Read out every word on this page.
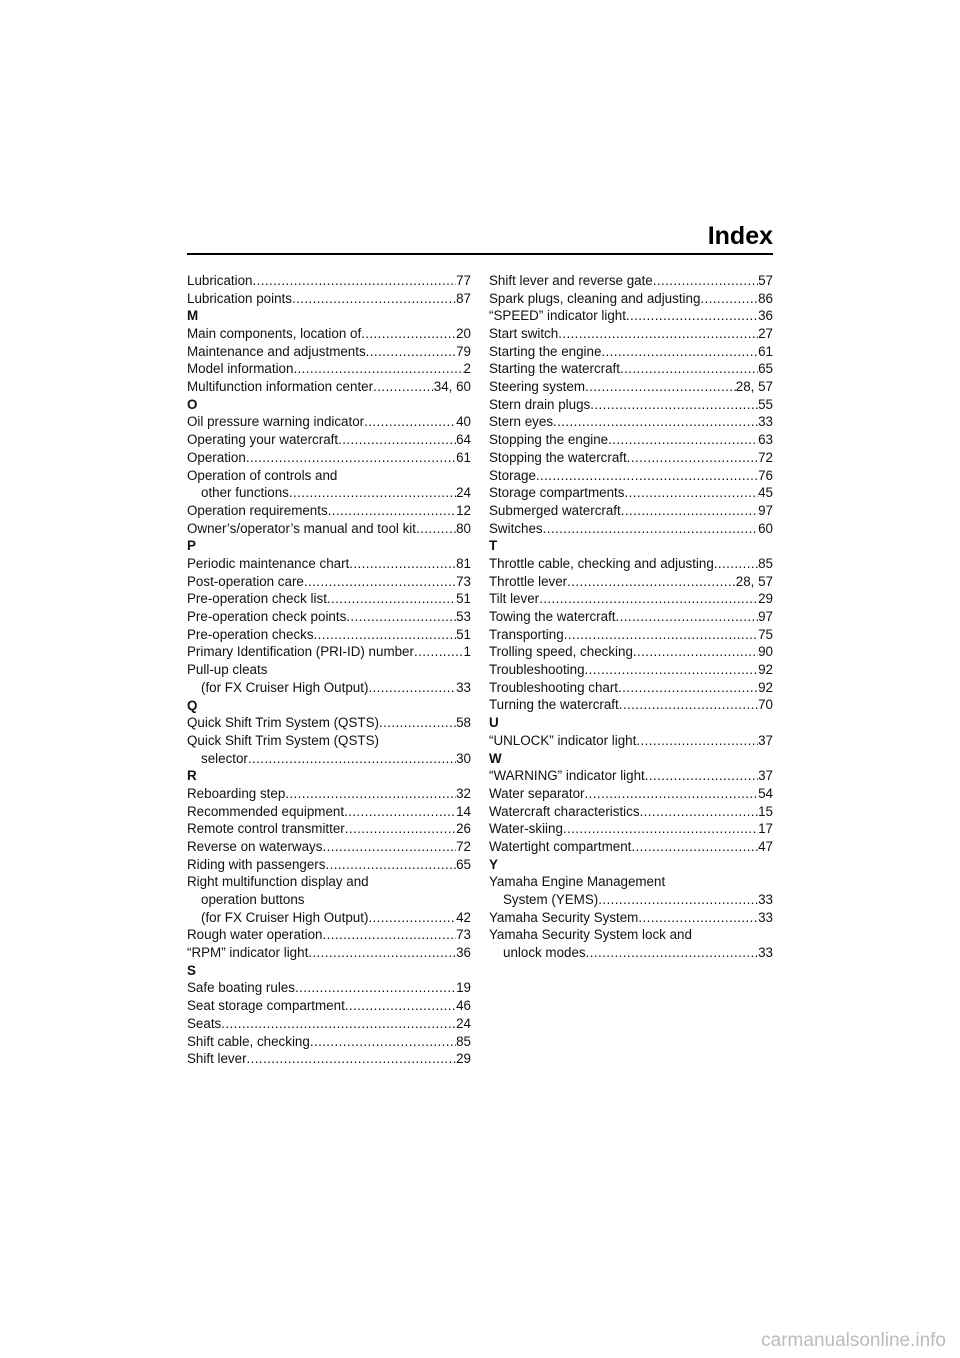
Index
Lubrication .....	77
Lubrication points .....	87
M
Main components, location of .....	20
Maintenance and adjustments .....	79
Model information .....	2
Multifunction information center .....	34, 60
O
Oil pressure warning indicator .....	40
Operating your watercraft .....	64
Operation .....	61
Operation of controls and
other functions .....	24
Operation requirements .....	12
Owner’s/operator’s manual and tool kit .....	80
P
Periodic maintenance chart .....	81
Post-operation care .....	73
Pre-operation check list .....	51
Pre-operation check points .....	53
Pre-operation checks .....	51
Primary Identification (PRI-ID) number .....	1
Pull-up cleats
(for FX Cruiser High Output) .....	33
Q
Quick Shift Trim System (QSTS) .....	58
Quick Shift Trim System (QSTS)
selector .....	30
R
Reboarding step .....	32
Recommended equipment .....	14
Remote control transmitter .....	26
Reverse on waterways .....	72
Riding with passengers .....	65
Right multifunction display and
operation buttons
(for FX Cruiser High Output) .....	42
Rough water operation .....	73
“RPM” indicator light .....	36
S
Safe boating rules .....	19
Seat storage compartment .....	46
Seats .....	24
Shift cable, checking .....	85
Shift lever .....	29
Shift lever and reverse gate .....	57
Spark plugs, cleaning and adjusting .....	86
“SPEED” indicator light .....	36
Start switch .....	27
Starting the engine .....	61
Starting the watercraft .....	65
Steering system .....	28, 57
Stern drain plugs .....	55
Stern eyes .....	33
Stopping the engine .....	63
Stopping the watercraft .....	72
Storage .....	76
Storage compartments .....	45
Submerged watercraft .....	97
Switches .....	60
T
Throttle cable, checking and adjusting .....	85
Throttle lever .....	28, 57
Tilt lever .....	29
Towing the watercraft .....	97
Transporting .....	75
Trolling speed, checking .....	90
Troubleshooting .....	92
Troubleshooting chart .....	92
Turning the watercraft .....	70
U
“UNLOCK” indicator light .....	37
W
“WARNING” indicator light .....	37
Water separator .....	54
Watercraft characteristics .....	15
Water-skiing .....	17
Watertight compartment .....	47
Y
Yamaha Engine Management
System (YEMS) .....	33
Yamaha Security System .....	33
Yamaha Security System lock and
unlock modes .....	33
carmanualsonline.info
